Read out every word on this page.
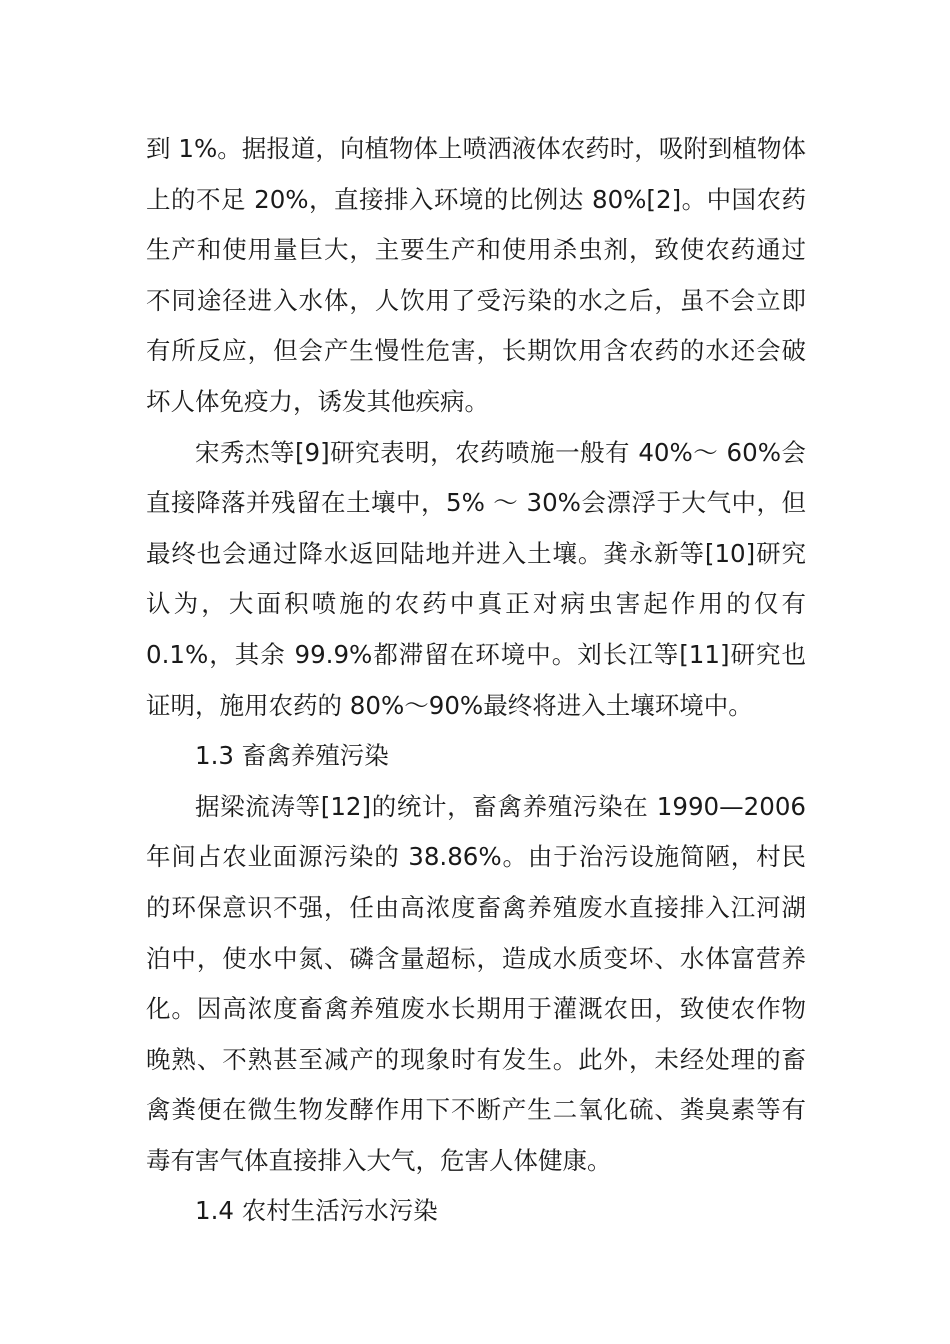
到 1%。据报道，向植物体上喷洒液体农药时，吸附到植物体上的不足 20%，直接排入环境的比例达 80%[2]。中国农药生产和使用量巨大，主要生产和使用杀虫剂，致使农药通过不同途径进入水体，人饮用了受污染的水之后，虽不会立即有所反应，但会产生慢性危害，长期饮用含农药的水还会破坏人体免疫力，诱发其他疾病。

宋秀杰等[9]研究表明，农药喷施一般有 40%～ 60%会直接降落并残留在土壤中，5% ～ 30%会漂浮于大气中，但最终也会通过降水返回陆地并进入土壤。龚永新等[10]研究认为，大面积喷施的农药中真正对病虫害起作用的仅有 0.1%，其余 99.9%都滞留在环境中。刘长江等[11]研究也证明，施用农药的 80%～90%最终将进入土壤环境中。

1.3 畜禽养殖污染

据梁流涛等[12]的统计，畜禽养殖污染在 1990—2006 年间占农业面源污染的 38.86%。由于治污设施简陋，村民的环保意识不强，任由高浓度畜禽养殖废水直接排入江河湖泊中，使水中氮、磷含量超标，造成水质变坏、水体富营养化。因高浓度畜禽养殖废水长期用于灌溉农田，致使农作物晚熟、不熟甚至减产的现象时有发生。此外，未经处理的畜禽粪便在微生物发酵作用下不断产生二氧化硫、粪臭素等有毒有害气体直接排入大气，危害人体健康。

1.4 农村生活污水污染
